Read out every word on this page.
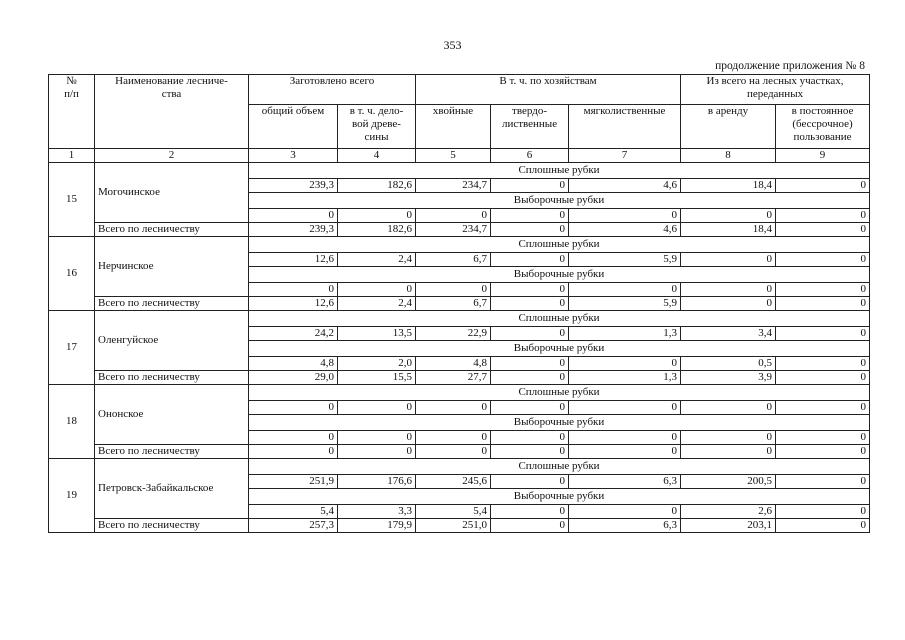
353
продолжение приложения № 8
№
п/п	Наименование лесниче-
ства	Заготовлено всего		В т. ч. по хозяйствам			Из всего на лесных участках,
переданных	
		общий объем	в т. ч. дело-
вой древе-
сины	хвойные	твердо-
лиственные	мягколиственные	в аренду	в постоянное
(бессрочное)
пользование
1	2	3	4	5	6	7	8	9
15	Могочинское	Сплошные рубки						
		239,3	182,6	234,7	0	4,6	18,4	0
		Выборочные рубки						
		0	0	0	0	0	0	0
	Всего по лесничеству	239,3	182,6	234,7	0	4,6	18,4	0
16	Нерчинское	Сплошные рубки						
		12,6	2,4	6,7	0	5,9	0	0
		Выборочные рубки						
		0	0	0	0	0	0	0
	Всего по лесничеству	12,6	2,4	6,7	0	5,9	0	0
17	Оленгуйское	Сплошные рубки						
		24,2	13,5	22,9	0	1,3	3,4	0
		Выборочные рубки						
		4,8	2,0	4,8	0	0	0,5	0
	Всего по лесничеству	29,0	15,5	27,7	0	1,3	3,9	0
18	Ононское	Сплошные рубки						
		0	0	0	0	0	0	0
		Выборочные рубки						
		0	0	0	0	0	0	0
	Всего по лесничеству	0	0	0	0	0	0	0
19	Петровск-Забайкальское	Сплошные рубки						
		251,9	176,6	245,6	0	6,3	200,5	0
		Выборочные рубки						
		5,4	3,3	5,4	0	0	2,6	0
	Всего по лесничеству	257,3	179,9	251,0	0	6,3	203,1	0
